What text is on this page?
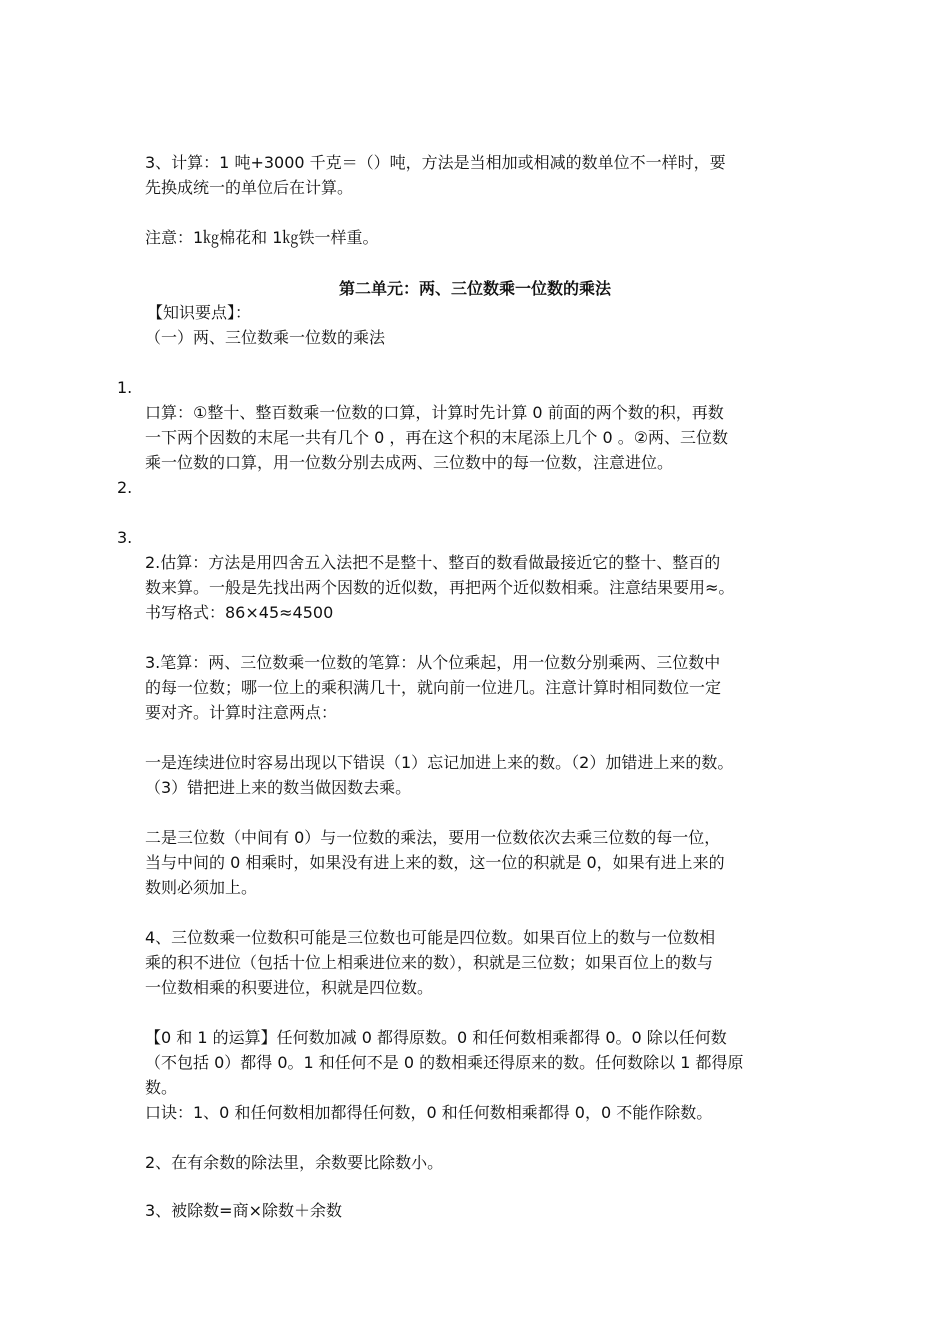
3、计算：1 吨+3000 千克＝（）吨，方法是当相加或相减的数单位不一样时，要
先换成统一的单位后在计算。
注意：1㎏棉花和 1㎏铁一样重。
第二单元：两、三位数乘一位数的乘法
【知识要点】：
（一）两、三位数乘一位数的乘法
1.
口算：①整十、整百数乘一位数的口算，计算时先计算 0 前面的两个数的积，再数
一下两个因数的末尾一共有几个 0 ，再在这个积的末尾添上几个 0 。②两、三位数
乘一位数的口算，用一位数分别去成两、三位数中的每一位数，注意进位。
2.
3.
2.估算：方法是用四舍五入法把不是整十、整百的数看做最接近它的整十、整百的
数来算。一般是先找出两个因数的近似数，再把两个近似数相乘。注意结果要用≈。
书写格式：86×45≈4500
3.笔算：两、三位数乘一位数的笔算：从个位乘起，用一位数分别乘两、三位数中
的每一位数；哪一位上的乘积满几十，就向前一位进几。注意计算时相同数位一定
要对齐。计算时注意两点：
一是连续进位时容易出现以下错误（1）忘记加进上来的数。（2）加错进上来的数。
（3）错把进上来的数当做因数去乘。
二是三位数（中间有 0）与一位数的乘法，要用一位数依次去乘三位数的每一位，
当与中间的 0 相乘时，如果没有进上来的数，这一位的积就是 0，如果有进上来的
数则必须加上。
4、三位数乘一位数积可能是三位数也可能是四位数。如果百位上的数与一位数相
乘的积不进位（包括十位上相乘进位来的数），积就是三位数；如果百位上的数与
一位数相乘的积要进位，积就是四位数。
【0 和 1 的运算】任何数加减 0 都得原数。0 和任何数相乘都得 0。0 除以任何数
（不包括 0）都得 0。1 和任何不是 0 的数相乘还得原来的数。任何数除以 1 都得原
数。
口诀：1、0 和任何数相加都得任何数，0 和任何数相乘都得 0，0 不能作除数。
2、在有余数的除法里，余数要比除数小。
3、被除数=商×除数＋余数
